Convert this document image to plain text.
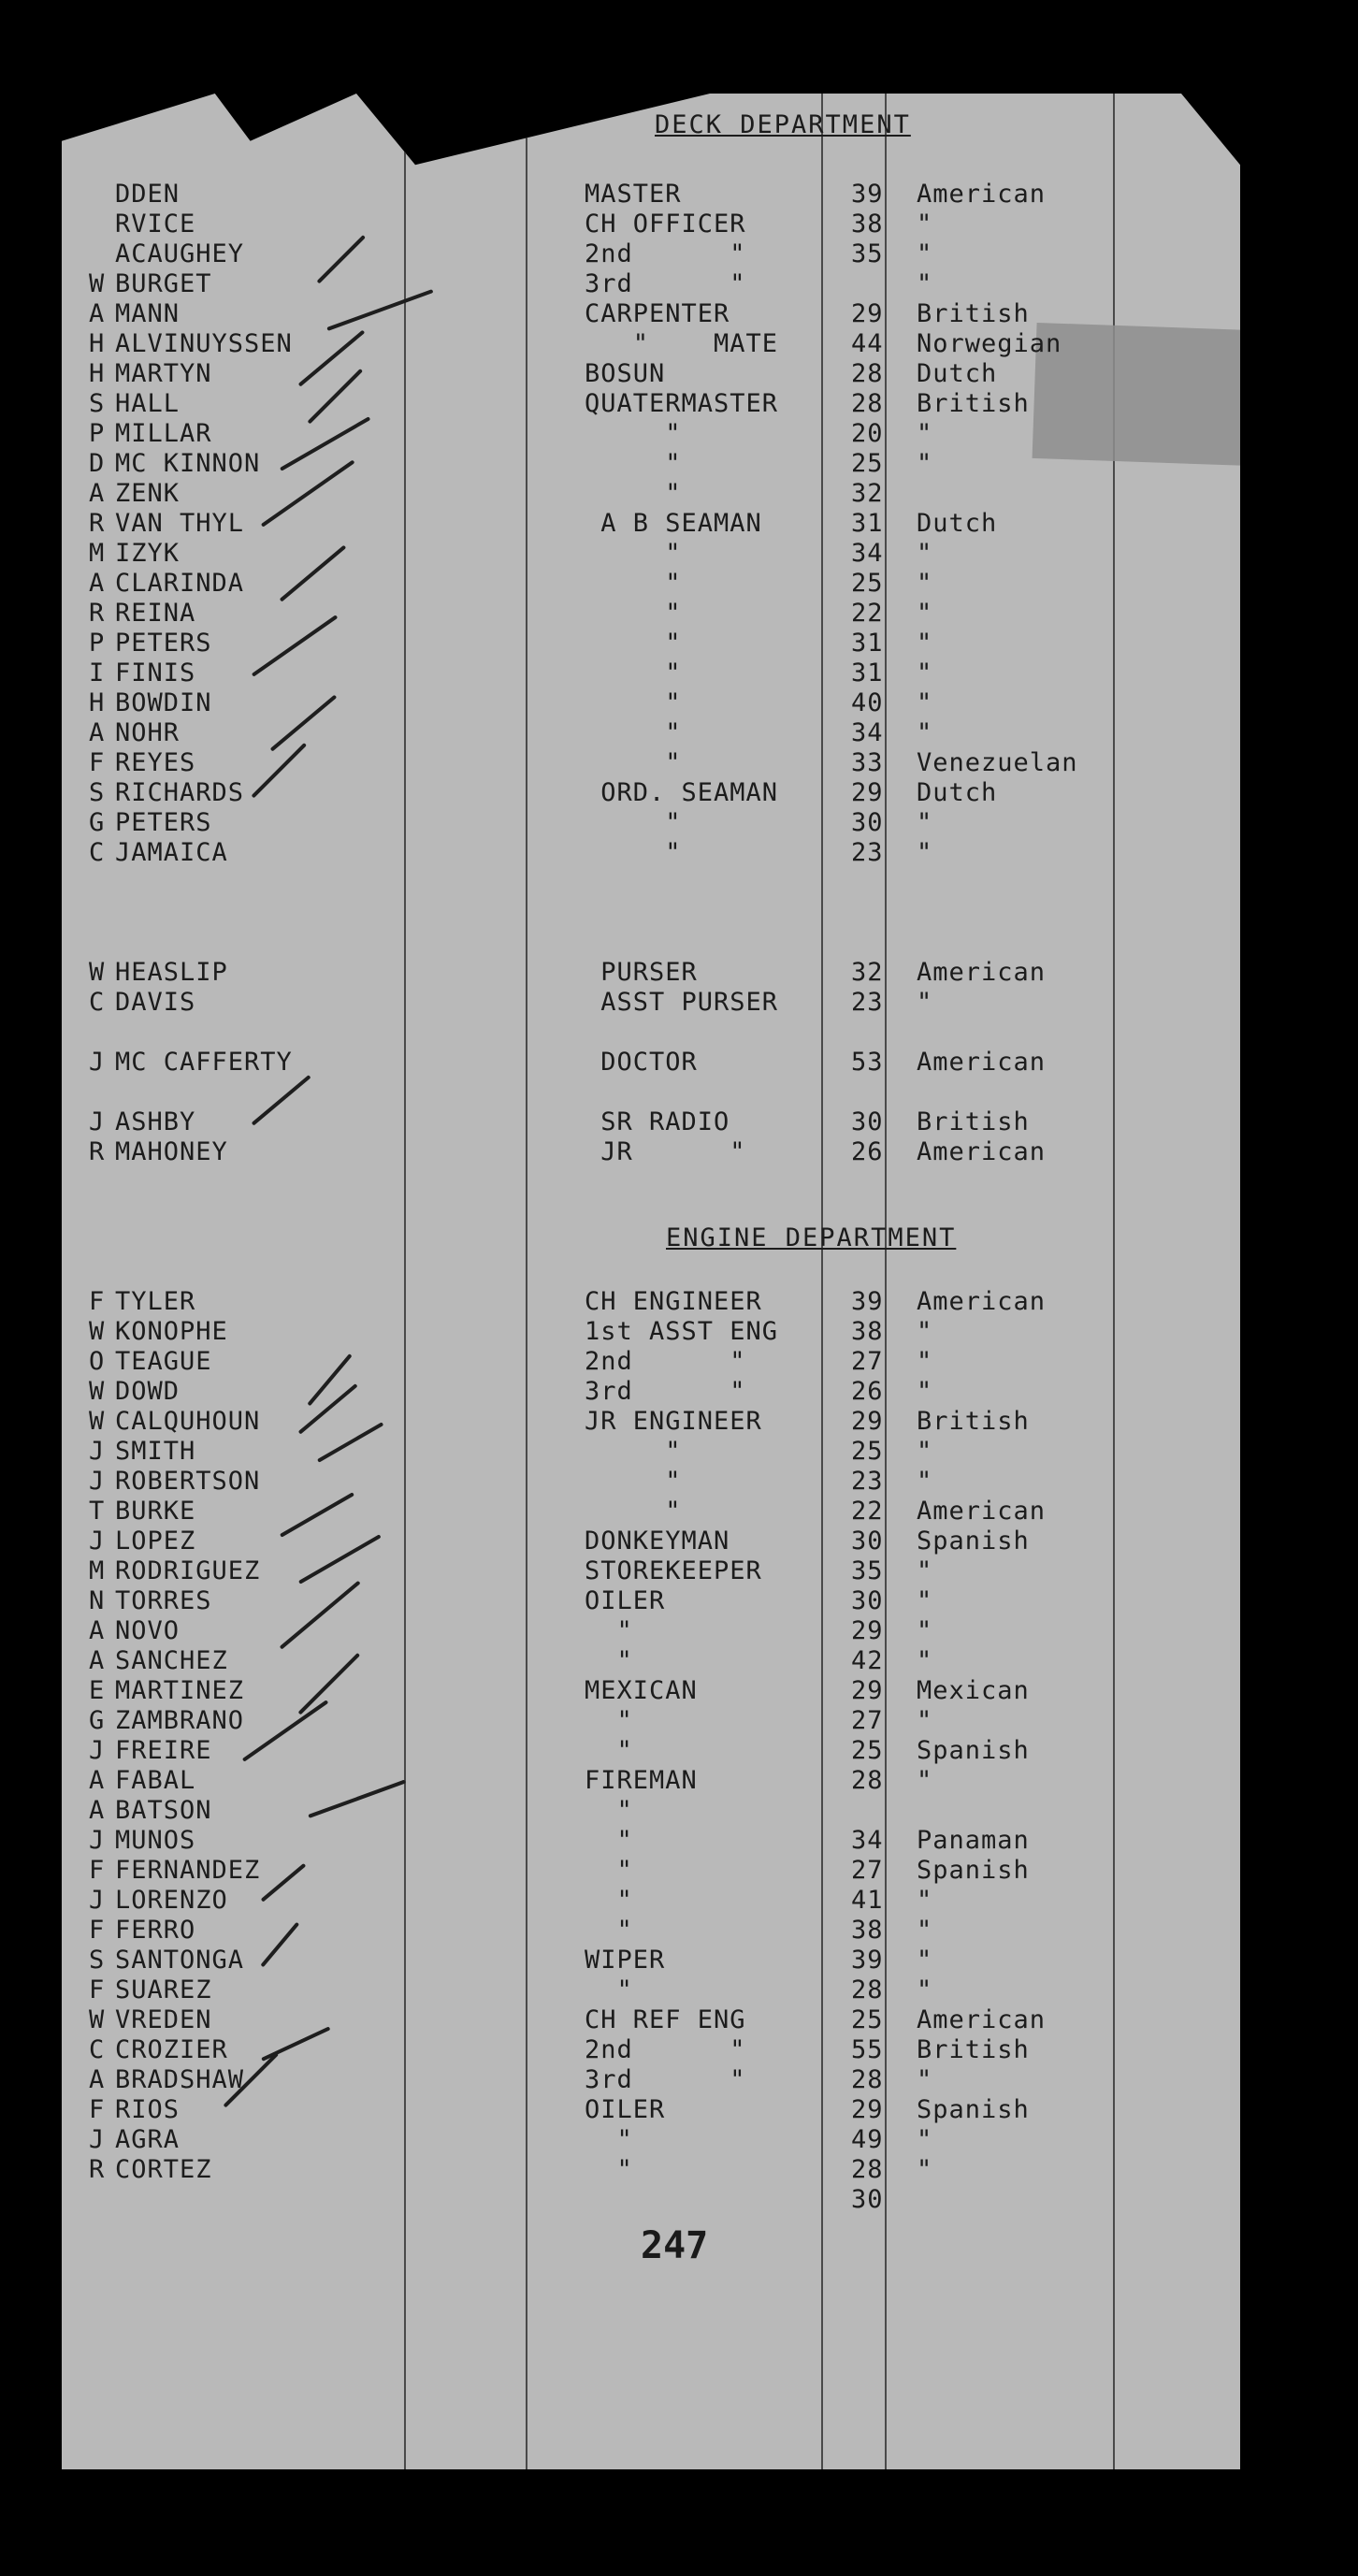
DECK DEPARTMENT
ENGINE DEPARTMENT
DDEN	MASTER	39 American
RVICE	CH OFFICER	38 "
ACAUGHEY	2nd      "	35 "
W BURGET	3rd      "	"
A MANN	CARPENTER	29 British
H ALVINUYSSEN	"    MATE	44 Norwegian
H MARTYN	BOSUN	28 Dutch
S HALL	QUATERMASTER	28 British
P MILLAR	"	20 "
D MC KINNON	"	25 "
A ZENK	"	32
R VAN THYL	A B SEAMAN	31 Dutch
M IZYK	"	34 "
A CLARINDA	"	25 "
R REINA	"	22 "
P PETERS	"	31 "
I FINIS	"	31 "
H BOWDIN	"	40 "
A NOHR	"	34 "
F REYES	"	33 Venezuelan
S RICHARDS	ORD. SEAMAN	29 Dutch
G PETERS	"	30 "
C JAMAICA	"	23 "
W HEASLIP	PURSER	32 American
C DAVIS	ASST PURSER	23 "
J MC CAFFERTY	DOCTOR	53 American
J ASHBY	SR RADIO	30 British
R MAHONEY	JR      "	26 American
F TYLER	CH ENGINEER	39 American
W KONOPHE	1st ASST ENG	38 "
O TEAGUE	2nd      "	27 "
W DOWD	3rd      "	26 "
W CALQUHOUN	JR ENGINEER	29 British
J SMITH	"	25 "
J ROBERTSON	"	23 "
T BURKE	"	22 American
J LOPEZ	DONKEYMAN	30 Spanish
M RODRIGUEZ	STOREKEEPER	35 "
N TORRES	OILER	30 "
A NOVO	"	29 "
A SANCHEZ	"	42 "
E MARTINEZ	MEXICAN	29 Mexican
G ZAMBRANO	"	27 "
J FREIRE	"	25 Spanish
A FABAL	FIREMAN	28 "
A BATSON	"
J MUNOS	"	34 Panaman
F FERNANDEZ	"	27 Spanish
J LORENZO	"	41 "
F FERRO	"	38 "
S SANTONGA	WIPER	39 "
F SUAREZ	"	28 "
W VREDEN	CH REF ENG	25 American
C CROZIER	2nd      "	55 British
A BRADSHAW	3rd      "	28 "
F RIOS	OILER	29 Spanish
J AGRA	"	49 "
R CORTEZ	"	28 "
30
247
